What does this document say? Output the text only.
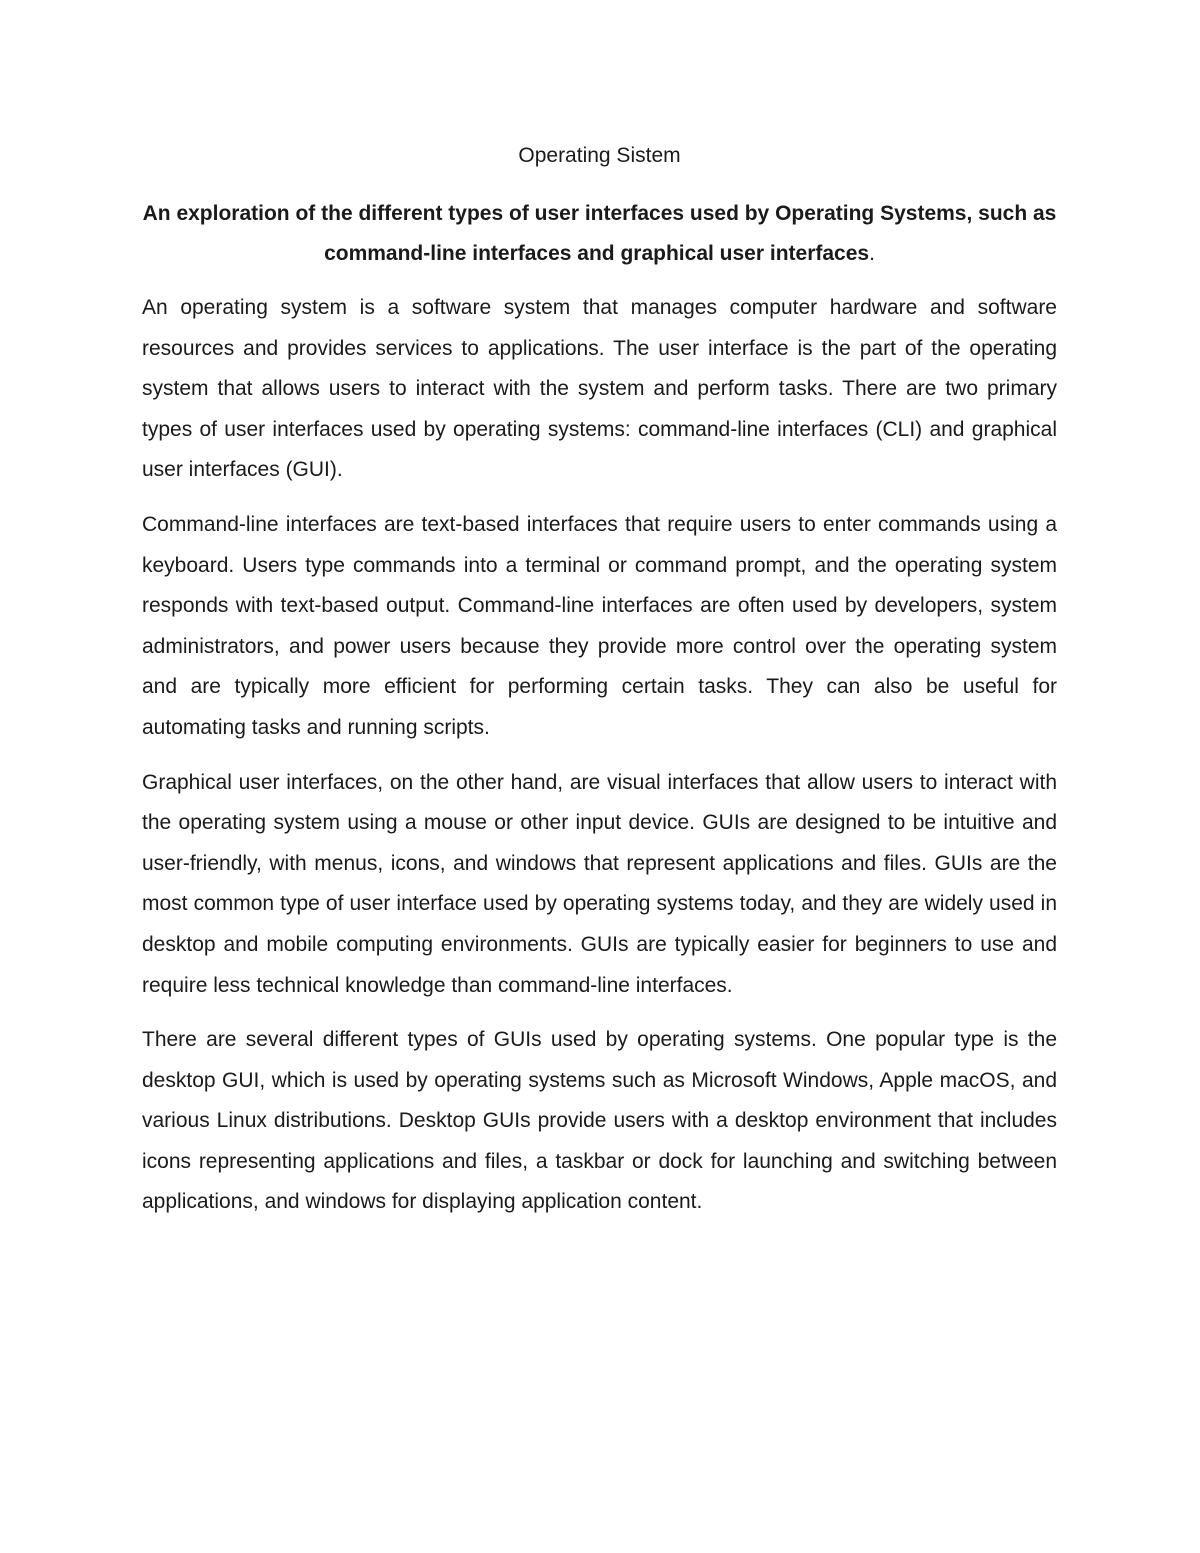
Operating Sistem
An exploration of the different types of user interfaces used by Operating Systems, such as command-line interfaces and graphical user interfaces.

An operating system is a software system that manages computer hardware and software resources and provides services to applications. The user interface is the part of the operating system that allows users to interact with the system and perform tasks. There are two primary types of user interfaces used by operating systems: command-line interfaces (CLI) and graphical user interfaces (GUI).

Command-line interfaces are text-based interfaces that require users to enter commands using a keyboard. Users type commands into a terminal or command prompt, and the operating system responds with text-based output. Command-line interfaces are often used by developers, system administrators, and power users because they provide more control over the operating system and are typically more efficient for performing certain tasks. They can also be useful for automating tasks and running scripts.

Graphical user interfaces, on the other hand, are visual interfaces that allow users to interact with the operating system using a mouse or other input device. GUIs are designed to be intuitive and user-friendly, with menus, icons, and windows that represent applications and files. GUIs are the most common type of user interface used by operating systems today, and they are widely used in desktop and mobile computing environments. GUIs are typically easier for beginners to use and require less technical knowledge than command-line interfaces.

There are several different types of GUIs used by operating systems. One popular type is the desktop GUI, which is used by operating systems such as Microsoft Windows, Apple macOS, and various Linux distributions. Desktop GUIs provide users with a desktop environment that includes icons representing applications and files, a taskbar or dock for launching and switching between applications, and windows for displaying application content.
